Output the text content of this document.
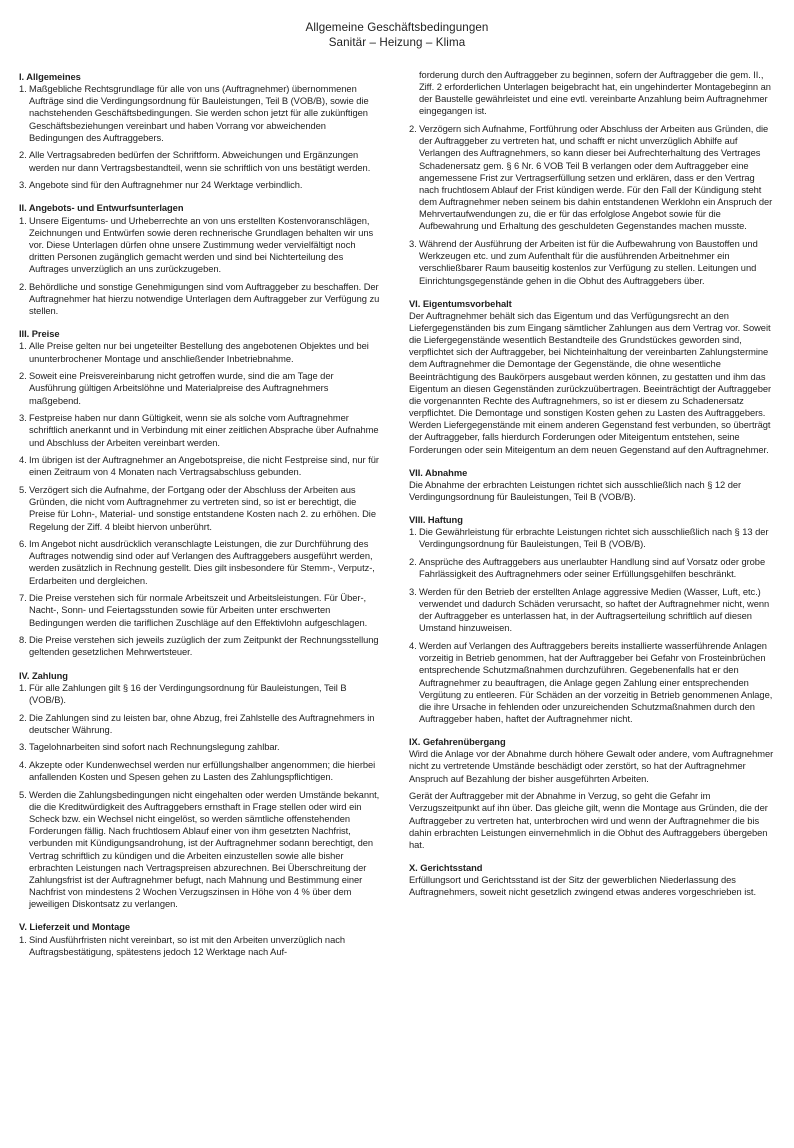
Allgemeine Geschäftsbedingungen
Sanitär – Heizung – Klima
I. Allgemeines
1. Maßgebliche Rechtsgrundlage für alle von uns (Auftragnehmer) übernommenen Aufträge sind die Verdingungsordnung für Bauleistungen, Teil B (VOB/B), sowie die nachstehenden Geschäftsbedingungen. Sie werden schon jetzt für alle zukünftigen Geschäftsbeziehungen vereinbart und haben Vorrang vor abweichenden Bedingungen des Auftraggebers.
2. Alle Vertragsabreden bedürfen der Schriftform. Abweichungen und Ergänzungen werden nur dann Vertragsbestandteil, wenn sie schriftlich von uns bestätigt werden.
3. Angebote sind für den Auftragnehmer nur 24 Werktage verbindlich.
II. Angebots- und Entwurfsunterlagen
1. Unsere Eigentums- und Urheberrechte an von uns erstellten Kostenvoranschlägen, Zeichnungen und Entwürfen sowie deren rechnerische Grundlagen behalten wir uns vor. Diese Unterlagen dürfen ohne unsere Zustimmung weder vervielfältigt noch dritten Personen zugänglich gemacht werden und sind bei Nichterteilung des Auftrages unverzüglich an uns zurückzugeben.
2. Behördliche und sonstige Genehmigungen sind vom Auftraggeber zu beschaffen. Der Auftragnehmer hat hierzu notwendige Unterlagen dem Auftraggeber zur Verfügung zu stellen.
III. Preise
1. Alle Preise gelten nur bei ungeteilter Bestellung des angebotenen Objektes und bei ununterbrochener Montage und anschließender Inbetriebnahme.
2. Soweit eine Preisvereinbarung nicht getroffen wurde, sind die am Tage der Ausführung gültigen Arbeitslöhne und Materialpreise des Auftragnehmers maßgebend.
3. Festpreise haben nur dann Gültigkeit, wenn sie als solche vom Auftragnehmer schriftlich anerkannt und in Verbindung mit einer zeitlichen Absprache über Aufnahme und Abschluss der Arbeiten vereinbart werden.
4. Im übrigen ist der Auftragnehmer an Angebotspreise, die nicht Festpreise sind, nur für einen Zeitraum von 4 Monaten nach Vertragsabschluss gebunden.
5. Verzögert sich die Aufnahme, der Fortgang oder der Abschluss der Arbeiten aus Gründen, die nicht vom Auftragnehmer zu vertreten sind, so ist er berechtigt, die Preise für Lohn-, Material- und sonstige entstandene Kosten nach 2. zu erhöhen. Die Regelung der Ziff. 4 bleibt hiervon unberührt.
6. Im Angebot nicht ausdrücklich veranschlagte Leistungen, die zur Durchführung des Auftrages notwendig sind oder auf Verlangen des Auftraggebers ausgeführt werden, werden zusätzlich in Rechnung gestellt. Dies gilt insbesondere für Stemm-, Verputz-, Erdarbeiten und dergleichen.
7. Die Preise verstehen sich für normale Arbeitszeit und Arbeitsleistungen. Für Über-, Nacht-, Sonn- und Feiertagsstunden sowie für Arbeiten unter erschwerten Bedingungen werden die tariflichen Zuschläge auf den Effektivlohn aufgeschlagen.
8. Die Preise verstehen sich jeweils zuzüglich der zum Zeitpunkt der Rechnungsstellung geltenden gesetzlichen Mehrwertsteuer.
IV. Zahlung
1. Für alle Zahlungen gilt § 16 der Verdingungsordnung für Bauleistungen, Teil B (VOB/B).
2. Die Zahlungen sind zu leisten bar, ohne Abzug, frei Zahlstelle des Auftragnehmers in deutscher Währung.
3. Tagelohnarbeiten sind sofort nach Rechnungslegung zahlbar.
4. Akzepte oder Kundenwechsel werden nur erfüllungshalber angenommen; die hierbei anfallenden Kosten und Spesen gehen zu Lasten des Zahlungspflichtigen.
5. Werden die Zahlungsbedingungen nicht eingehalten oder werden Umstände bekannt, die die Kreditwürdigkeit des Auftraggebers ernsthaft in Frage stellen oder wird ein Scheck bzw. ein Wechsel nicht eingelöst, so werden sämtliche offenstehenden Forderungen fällig. Nach fruchtlosem Ablauf einer von ihm gesetzten Nachfrist, verbunden mit Kündigungsandrohung, ist der Auftragnehmer sodann berechtigt, den Vertrag schriftlich zu kündigen und die Arbeiten einzustellen sowie alle bisher erbrachten Leistungen nach Vertragspreisen abzurechnen. Bei Überschreitung der Zahlungsfrist ist der Auftragnehmer befugt, nach Mahnung und Bestimmung einer Nachfrist von mindestens 2 Wochen Verzugszinsen in Höhe von 4 % über dem jeweiligen Diskontsatz zu verlangen.
V. Lieferzeit und Montage
1. Sind Ausführfristen nicht vereinbart, so ist mit den Arbeiten unverzüglich nach Auftragsbestätigung, spätestens jedoch 12 Werktage nach Auf-
forderung durch den Auftraggeber zu beginnen, sofern der Auftraggeber die gem. II., Ziff. 2 erforderlichen Unterlagen beigebracht hat, ein ungehinderter Montagebeginn an der Baustelle gewährleistet und eine evtl. vereinbarte Anzahlung beim Auftragnehmer eingegangen ist.
2. Verzögern sich Aufnahme, Fortführung oder Abschluss der Arbeiten aus Gründen, die der Auftraggeber zu vertreten hat, und schafft er nicht unverzüglich Abhilfe auf Verlangen des Auftragnehmers, so kann dieser bei Aufrechterhaltung des Vertrages Schadenersatz gem. § 6 Nr. 6 VOB Teil B verlangen oder dem Auftraggeber eine angemessene Frist zur Vertragserfüllung setzen und erklären, dass er den Vertrag nach fruchtlosem Ablauf der Frist kündigen werde. Für den Fall der Kündigung steht dem Auftragnehmer neben seinem bis dahin entstandenen Werklohn ein Anspruch der Mehrvertaufwendungen zu, die er für das erfolglose Angebot sowie für die Aufbewahrung und Erhaltung des geschuldeten Gegenstandes machen musste.
3. Während der Ausführung der Arbeiten ist für die Aufbewahrung von Baustoffen und Werkzeugen etc. und zum Aufenthalt für die ausführenden Arbeitnehmer ein verschließbarer Raum bauseitig kostenlos zur Verfügung zu stellen. Leitungen und Einrichtungsgegenstände gehen in die Obhut des Auftraggebers über.
VI. Eigentumsvorbehalt
Der Auftragnehmer behält sich das Eigentum und das Verfügungsrecht an den Liefergegenständen bis zum Eingang sämtlicher Zahlungen aus dem Vertrag vor. Soweit die Liefergegenstände wesentlich Bestandteile des Grundstückes geworden sind, verpflichtet sich der Auftraggeber, bei Nichteinhaltung der vereinbarten Zahlungstermine dem Auftragnehmer die Demontage der Gegenstände, die ohne wesentliche Beeinträchtigung des Baukörpers ausgebaut werden können, zu gestatten und ihm das Eigentum an diesen Gegenständen zurückzuübertragen. Beeinträchtigt der Auftraggeber die vorgenannten Rechte des Auftragnehmers, so ist er diesem zu Schadenersatz verpflichtet. Die Demontage und sonstigen Kosten gehen zu Lasten des Auftraggebers. Werden Liefergegenstände mit einem anderen Gegenstand fest verbunden, so überträgt der Auftraggeber, falls hierdurch Forderungen oder Miteigentum entstehen, seine Forderungen oder sein Miteigentum an dem neuen Gegenstand auf den Auftragnehmer.
VII. Abnahme
Die Abnahme der erbrachten Leistungen richtet sich ausschließlich nach § 12 der Verdingungsordnung für Bauleistungen, Teil B (VOB/B).
VIII. Haftung
1. Die Gewährleistung für erbrachte Leistungen richtet sich ausschließlich nach § 13 der Verdingungsordnung für Bauleistungen, Teil B (VOB/B).
2. Ansprüche des Auftraggebers aus unerlaubter Handlung sind auf Vorsatz oder grobe Fahrlässigkeit des Auftragnehmers oder seiner Erfüllungsgehilfen beschränkt.
3. Werden für den Betrieb der erstellten Anlage aggressive Medien (Wasser, Luft, etc.) verwendet und dadurch Schäden verursacht, so haftet der Auftragnehmer nicht, wenn der Auftraggeber es unterlassen hat, in der Auftragserteilung schriftlich auf diesen Umstand hinzuweisen.
4. Werden auf Verlangen des Auftraggebers bereits installierte wasserführende Anlagen vorzeitig in Betrieb genommen, hat der Auftraggeber bei Gefahr von Frosteinbrüchen entsprechende Schutzmaßnahmen durchzuführen. Gegebenenfalls hat er den Auftragnehmer zu beauftragen, die Anlage gegen Zahlung einer entsprechenden Vergütung zu entleeren. Für Schäden an der vorzeitig in Betrieb genommenen Anlage, die ihre Ursache in fehlenden oder unzureichenden Schutzmaßnahmen durch den Auftraggeber haben, haftet der Auftragnehmer nicht.
IX. Gefahrenübergang
Wird die Anlage vor der Abnahme durch höhere Gewalt oder andere, vom Auftragnehmer nicht zu vertretende Umstände beschädigt oder zerstört, so hat der Auftragnehmer Anspruch auf Bezahlung der bisher ausgeführten Arbeiten.
Gerät der Auftraggeber mit der Abnahme in Verzug, so geht die Gefahr im Verzugszeitpunkt auf ihn über. Das gleiche gilt, wenn die Montage aus Gründen, die der Auftraggeber zu vertreten hat, unterbrochen wird und wenn der Auftragnehmer die bis dahin erbrachten Leistungen einvernehmlich in die Obhut des Auftraggebers übergeben hat.
X. Gerichtsstand
Erfüllungsort und Gerichtsstand ist der Sitz der gewerblichen Niederlassung des Auftragnehmers, soweit nicht gesetzlich zwingend etwas anderes vorgeschrieben ist.
